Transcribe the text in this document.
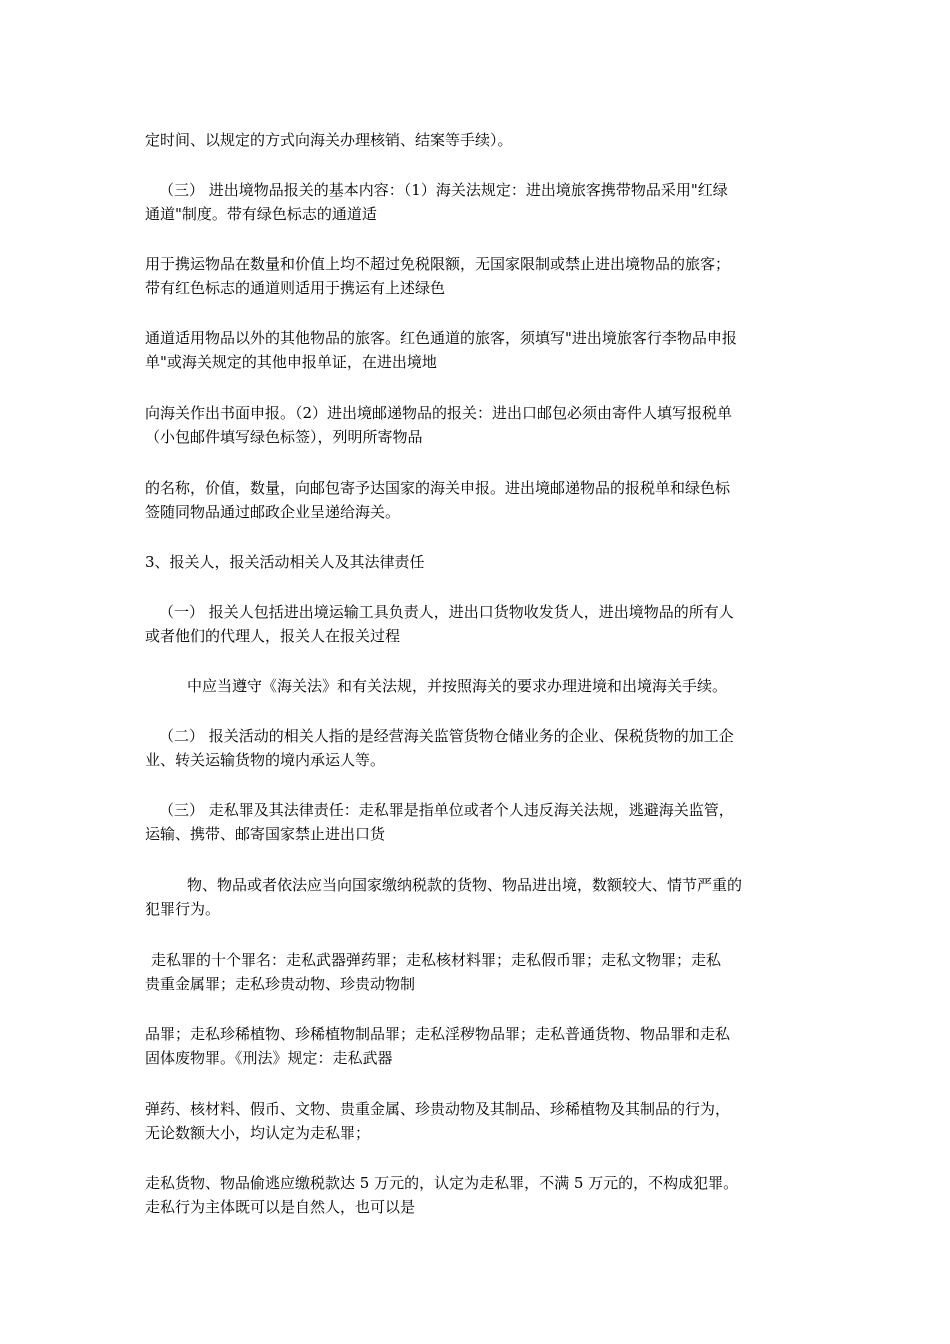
定时间、以规定的方式向海关办理核销、结案等手续）。

（三） 进出境物品报关的基本内容：（1）海关法规定：进出境旅客携带物品采用"红绿
通道"制度。带有绿色标志的通道适

用于携运物品在数量和价值上均不超过免税限额，无国家限制或禁止进出境物品的旅客；
带有红色标志的通道则适用于携运有上述绿色

通道适用物品以外的其他物品的旅客。红色通道的旅客，须填写"进出境旅客行李物品申报
单"或海关规定的其他申报单证，在进出境地

向海关作出书面申报。（2）进出境邮递物品的报关：进出口邮包必须由寄件人填写报税单
（小包邮件填写绿色标签），列明所寄物品

的名称，价值，数量，向邮包寄予达国家的海关申报。进出境邮递物品的报税单和绿色标
签随同物品通过邮政企业呈递给海关。

3、报关人，报关活动相关人及其法律责任

（一） 报关人包括进出境运输工具负责人，进出口货物收发货人，进出境物品的所有人
或者他们的代理人，报关人在报关过程

中应当遵守《海关法》和有关法规，并按照海关的要求办理进境和出境海关手续。

（二） 报关活动的相关人指的是经营海关监管货物仓储业务的企业、保税货物的加工企
业、转关运输货物的境内承运人等。

（三） 走私罪及其法律责任：走私罪是指单位或者个人违反海关法规，逃避海关监管，
运输、携带、邮寄国家禁止进出口货

物、物品或者依法应当向国家缴纳税款的货物、物品进出境，数额较大、情节严重的
犯罪行为。

走私罪的十个罪名：走私武器弹药罪；走私核材料罪；走私假币罪；走私文物罪；走私
贵重金属罪；走私珍贵动物、珍贵动物制

品罪；走私珍稀植物、珍稀植物制品罪；走私淫秽物品罪；走私普通货物、物品罪和走私
固体废物罪。《刑法》规定：走私武器

弹药、核材料、假币、文物、贵重金属、珍贵动物及其制品、珍稀植物及其制品的行为，
无论数额大小，均认定为走私罪；

走私货物、物品偷逃应缴税款达 5 万元的，认定为走私罪，不满 5 万元的，不构成犯罪。
走私行为主体既可以是自然人，也可以是
